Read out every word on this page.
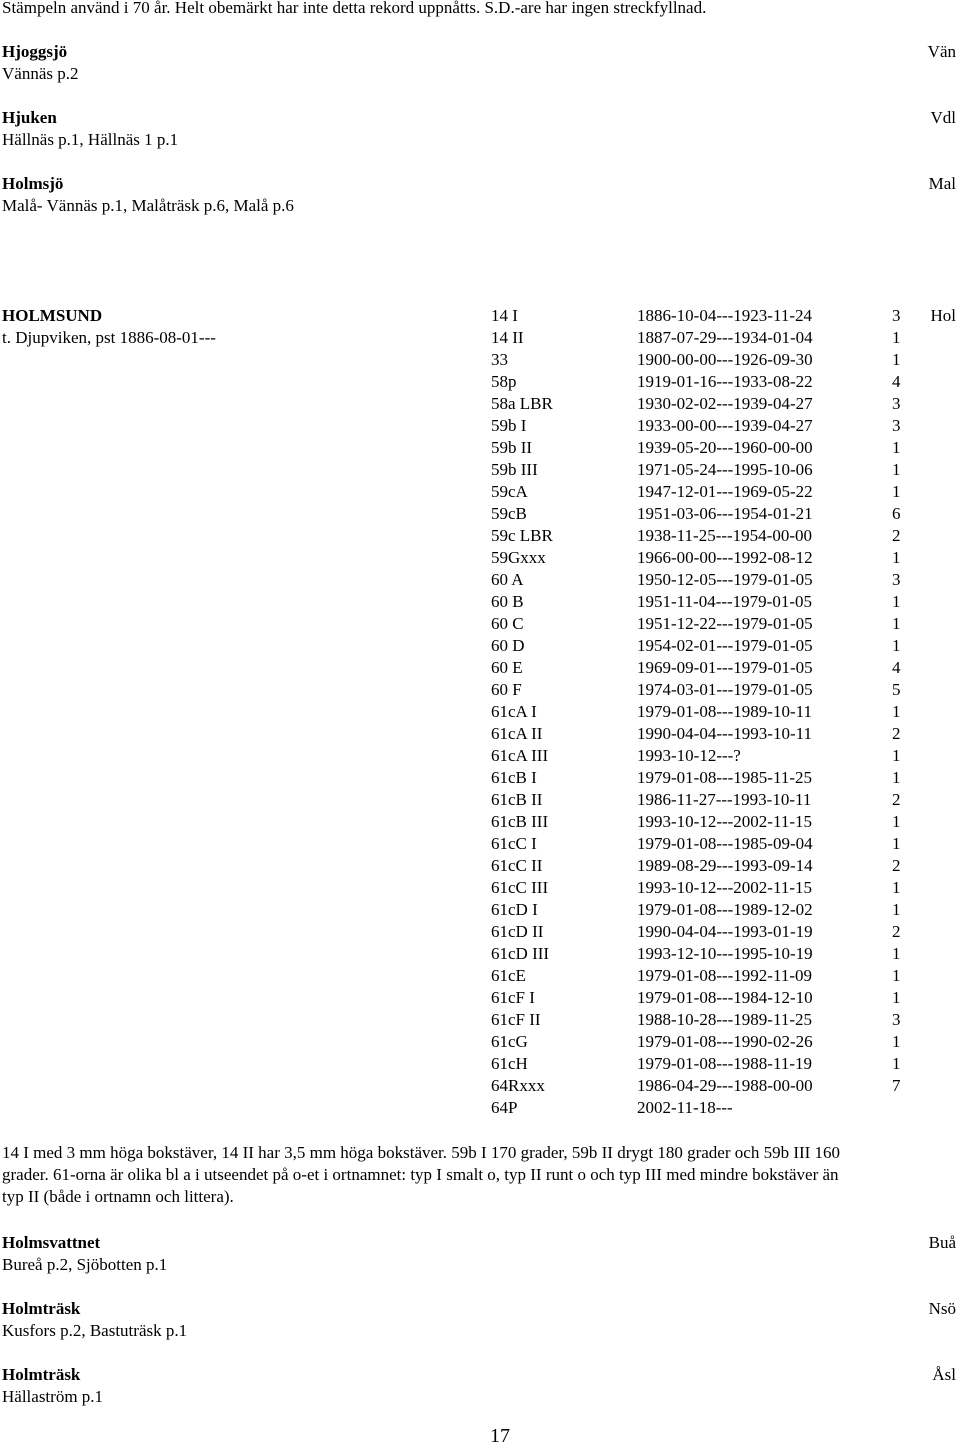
Stämpeln använd i 70 år. Helt obemärkt har inte detta rekord uppnåtts. S.D.-are har ingen streckfyllnad.
Hjoggsjö
Vännäs p.2
Vän
Hjuken
Hällnäs p.1, Hällnäs 1 p.1
Vdl
Holmsjö
Malå- Vännäs p.1, Malåträsk p.6, Malå p.6
Mal
HOLMSUND
t. Djupviken, pst 1886-08-01---
Hol
14 I	1886-10-04---1923-11-24	3
14 II	1887-07-29---1934-01-04	1
33	1900-00-00---1926-09-30	1
58p	1919-01-16---1933-08-22	4
58a LBR	1930-02-02---1939-04-27	3
59b I	1933-00-00---1939-04-27	3
59b II	1939-05-20---1960-00-00	1
59b III	1971-05-24---1995-10-06	1
59cA	1947-12-01---1969-05-22	1
59cB	1951-03-06---1954-01-21	6
59c LBR	1938-11-25---1954-00-00	2
59Gxxx	1966-00-00---1992-08-12	1
60 A	1950-12-05---1979-01-05	3
60 B	1951-11-04---1979-01-05	1
60 C	1951-12-22---1979-01-05	1
60 D	1954-02-01---1979-01-05	1
60 E	1969-09-01---1979-01-05	4
60 F	1974-03-01---1979-01-05	5
61cA I	1979-01-08---1989-10-11	1
61cA II	1990-04-04---1993-10-11	2
61cA III	1993-10-12---?	1
61cB I	1979-01-08---1985-11-25	1
61cB II	1986-11-27---1993-10-11	2
61cB III	1993-10-12---2002-11-15	1
61cC I	1979-01-08---1985-09-04	1
61cC II	1989-08-29---1993-09-14	2
61cC III	1993-10-12---2002-11-15	1
61cD I	1979-01-08---1989-12-02	1
61cD II	1990-04-04---1993-01-19	2
61cD III	1993-12-10---1995-10-19	1
61cE	1979-01-08---1992-11-09	1
61cF I	1979-01-08---1984-12-10	1
61cF II	1988-10-28---1989-11-25	3
61cG	1979-01-08---1990-02-26	1
61cH	1979-01-08---1988-11-19	1
64Rxxx	1986-04-29---1988-00-00	7
64P	2002-11-18---
14 I med 3 mm höga bokstäver, 14 II har 3,5 mm höga bokstäver. 59b I 170 grader, 59b II drygt 180 grader och 59b III 160 grader. 61-orna är olika bl a i utseendet på o-et i ortnamnet: typ I smalt o, typ II runt o och typ III med mindre bokstäver än typ II (både i ortnamn och littera).
Holmsvattnet
Bureå p.2, Sjöbotten p.1
Buå
Holmträsk
Kusfors p.2, Bastuträsk p.1
Nsö
Holmträsk
Hällaström p.1
Åsl
17
